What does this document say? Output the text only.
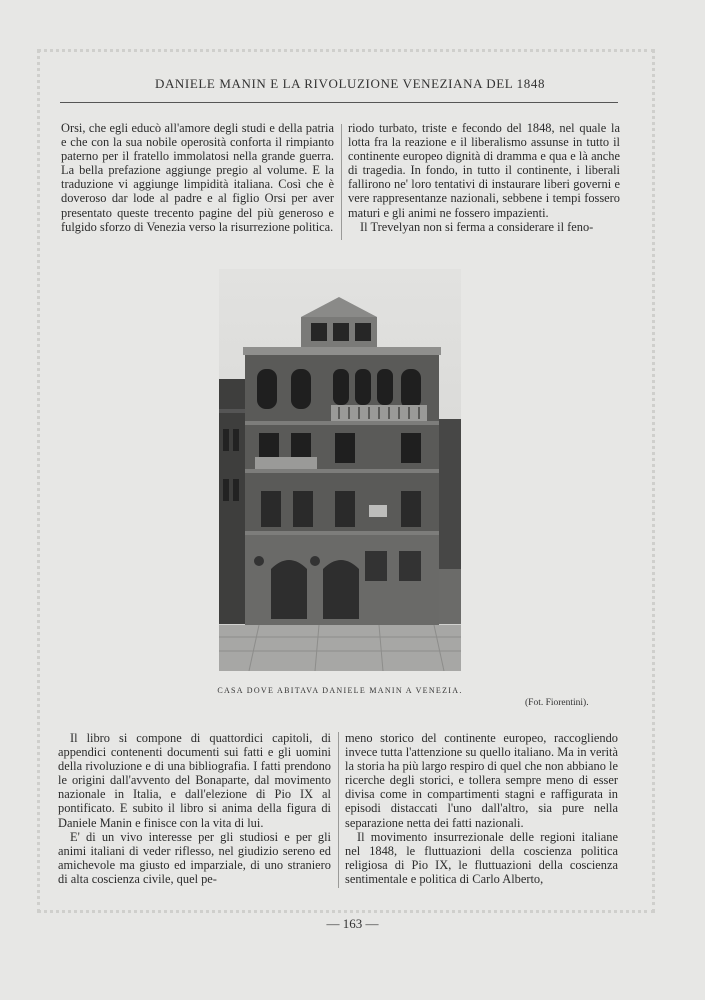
DANIELE MANIN E LA RIVOLUZIONE VENEZIANA DEL 1848

Orsi, che egli educò all'amore degli studi e della patria e che con la sua nobile operosità conforta il rimpianto paterno per il fratello immolatosi nella grande guerra. La bella prefazione aggiunge pregio al volume. E la traduzione vi aggiunge limpidità italiana. Così che è doveroso dar lode al padre e al figlio Orsi per aver presentato queste trecento pagine del più generoso e fulgido sforzo di Venezia verso la risurrezione politica.

riodo turbato, triste e fecondo del 1848, nel quale la lotta fra la reazione e il liberalismo assunse in tutto il continente europeo dignità di dramma e qua e là anche di tragedia. In fondo, in tutto il continente, i liberali fallirono ne' loro tentativi di instaurare liberi governi e vere rappresentanze nazionali, sebbene i tempi fossero maturi e gli animi ne fossero impazienti.

Il Trevelyan non si ferma a considerare il feno-

CASA DOVE ABITAVA DANIELE MANIN A VENEZIA.
(Fot. Fiorentini).

Il libro si compone di quattordici capitoli, di appendici contenenti documenti sui fatti e gli uomini della rivoluzione e di una bibliografia. I fatti prendono le origini dall'avvento del Bonaparte, dal movimento nazionale in Italia, e dall'elezione di Pio IX al pontificato. E subito il libro si anima della figura di Daniele Manin e finisce con la vita di lui.

E' di un vivo interesse per gli studiosi e per gli animi italiani di veder riflesso, nel giudizio sereno ed amichevole ma giusto ed imparziale, di uno straniero di alta coscienza civile, quel pe-

meno storico del continente europeo, raccogliendo invece tutta l'attenzione su quello italiano. Ma in verità la storia ha più largo respiro di quel che non abbiano le ricerche degli storici, e tollera sempre meno di esser divisa come in compartimenti stagni e raffigurata in episodi distaccati l'uno dall'altro, sia pure nella separazione netta dei fatti nazionali.

Il movimento insurrezionale delle regioni italiane nel 1848, le fluttuazioni della coscienza politica religiosa di Pio IX, le fluttuazioni della coscienza sentimentale e politica di Carlo Alberto,

— 163 —
